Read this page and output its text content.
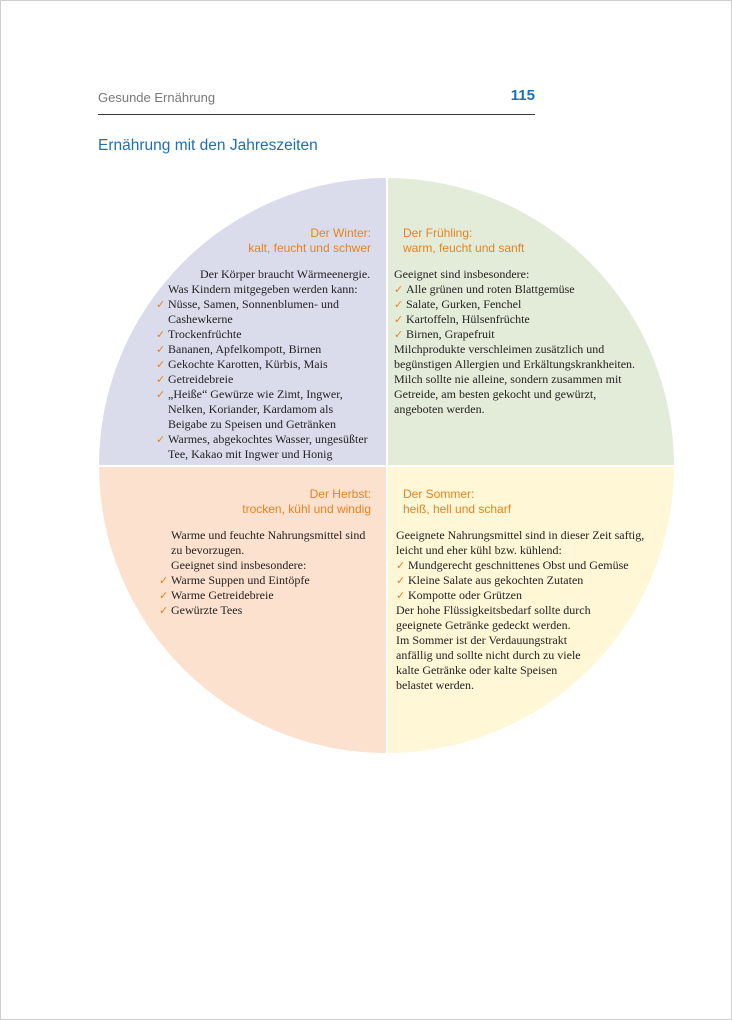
Gesunde Ernährung	115
Ernährung mit den Jahreszeiten
Der Winter:
kalt, feucht und schwer
Der Körper braucht Wärmeenergie.
Was Kindern mitgegeben werden kann:
✓ Nüsse, Samen, Sonnenblumen- und
Cashewkerne
✓ Trockenfrüchte
✓ Bananen, Apfelkompott, Birnen
✓ Gekochte Karotten, Kürbis, Mais
✓ Getreidebreie
✓ „Heiße“ Gewürze wie Zimt, Ingwer,
Nelken, Koriander, Kardamom als
Beigabe zu Speisen und Getränken
✓ Warmes, abgekochtes Wasser, ungesüßter
Tee, Kakao mit Ingwer und Honig
Der Frühling:
warm, feucht und sanft
Geeignet sind insbesondere:
✓ Alle grünen und roten Blattgemüse
✓ Salate, Gurken, Fenchel
✓ Kartoffeln, Hülsenfrüchte
✓ Birnen, Grapefruit
Milchprodukte verschleimen zusätzlich und
begünstigen Allergien und Erkältungskrankheiten.
Milch sollte nie alleine, sondern zusammen mit
Getreide, am besten gekocht und gewürzt,
angeboten werden.
Der Herbst:
trocken, kühl und windig
Warme und feuchte Nahrungsmittel sind
zu bevorzugen.
Geeignet sind insbesondere:
✓ Warme Suppen und Eintöpfe
✓ Warme Getreidebreie
✓ Gewürzte Tees
Der Sommer:
heiß, hell und scharf
Geeignete Nahrungsmittel sind in dieser Zeit saftig,
leicht und eher kühl bzw. kühlend:
✓ Mundgerecht geschnittenes Obst und Gemüse
✓ Kleine Salate aus gekochten Zutaten
✓ Kompotte oder Grützen
Der hohe Flüssigkeitsbedarf sollte durch
geeignete Getränke gedeckt werden.
Im Sommer ist der Verdauungstrakt
anfällig und sollte nicht durch zu viele
kalte Getränke oder kalte Speisen
belastet werden.
